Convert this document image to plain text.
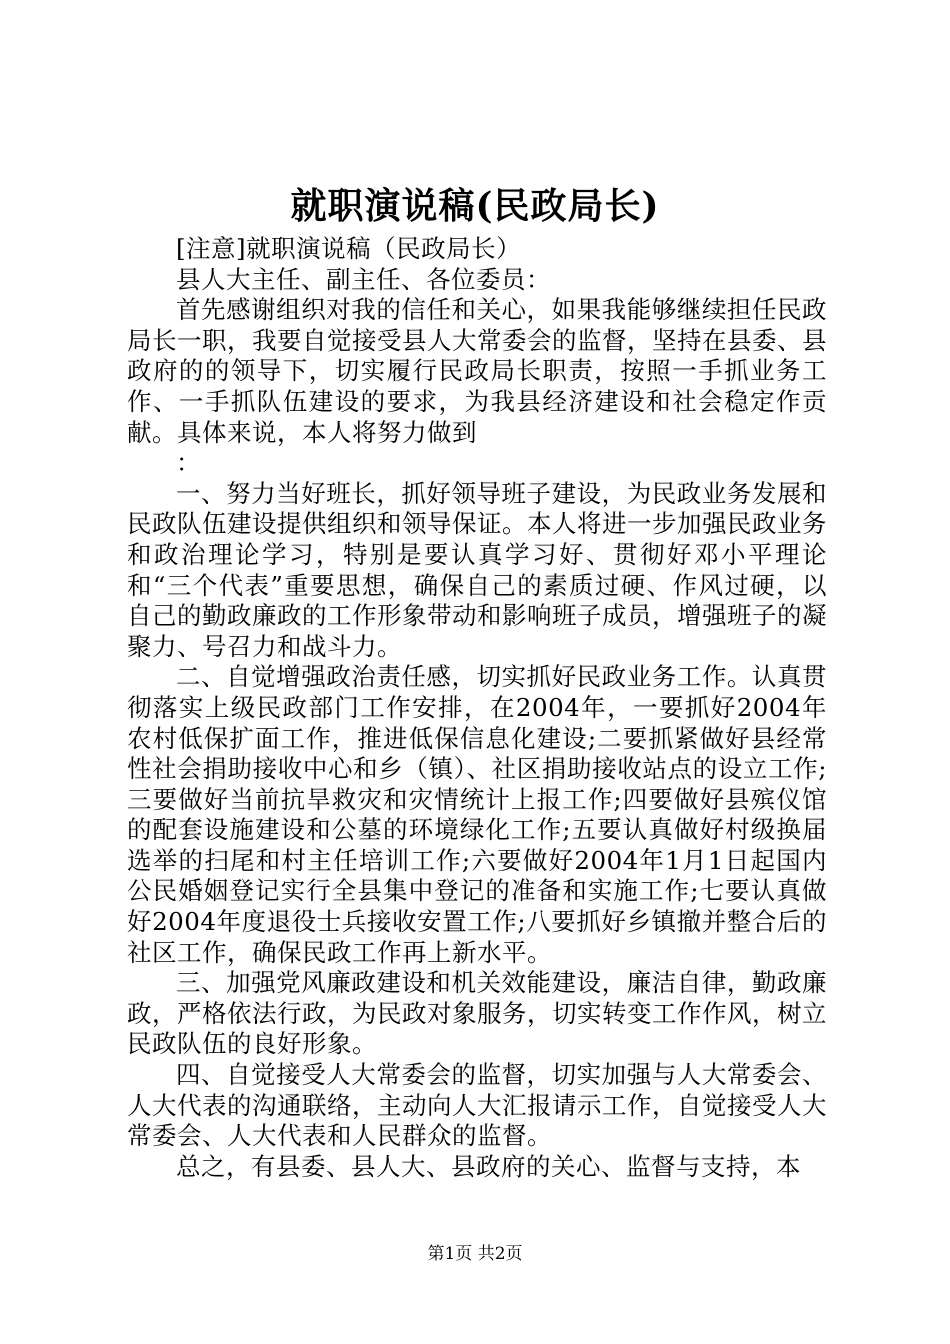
就职演说稿(民政局长)

[注意]就职演说稿（民政局长）

县人大主任、副主任、各位委员：

首先感谢组织对我的信任和关心，如果我能够继续担任民政局长一职，我要自觉接受县人大常委会的监督，坚持在县委、县政府的的领导下，切实履行民政局长职责，按照一手抓业务工作、一手抓队伍建设的要求，为我县经济建设和社会稳定作贡献。具体来说，本人将努力做到

：

一、努力当好班长，抓好领导班子建设，为民政业务发展和民政队伍建设提供组织和领导保证。本人将进一步加强民政业务和政治理论学习，特别是要认真学习好、贯彻好邓小平理论和“三个代表”重要思想，确保自己的素质过硬、作风过硬，以自己的勤政廉政的工作形象带动和影响班子成员，增强班子的凝聚力、号召力和战斗力。

二、自觉增强政治责任感，切实抓好民政业务工作。认真贯彻落实上级民政部门工作安排，在2004年，一要抓好2004年农村低保扩面工作，推进低保信息化建设;二要抓紧做好县经常性社会捐助接收中心和乡（镇）、社区捐助接收站点的设立工作;三要做好当前抗旱救灾和灾情统计上报工作;四要做好县殡仪馆的配套设施建设和公墓的环境绿化工作;五要认真做好村级换届选举的扫尾和村主任培训工作;六要做好2004年1月1日起国内公民婚姻登记实行全县集中登记的准备和实施工作;七要认真做好2004年度退役士兵接收安置工作;八要抓好乡镇撤并整合后的社区工作，确保民政工作再上新水平。

三、加强党风廉政建设和机关效能建设，廉洁自律，勤政廉政，严格依法行政，为民政对象服务，切实转变工作作风，树立民政队伍的良好形象。

四、自觉接受人大常委会的监督，切实加强与人大常委会、人大代表的沟通联络，主动向人大汇报请示工作，自觉接受人大常委会、人大代表和人民群众的监督。

总之，有县委、县人大、县政府的关心、监督与支持，本

第1页 共2页
